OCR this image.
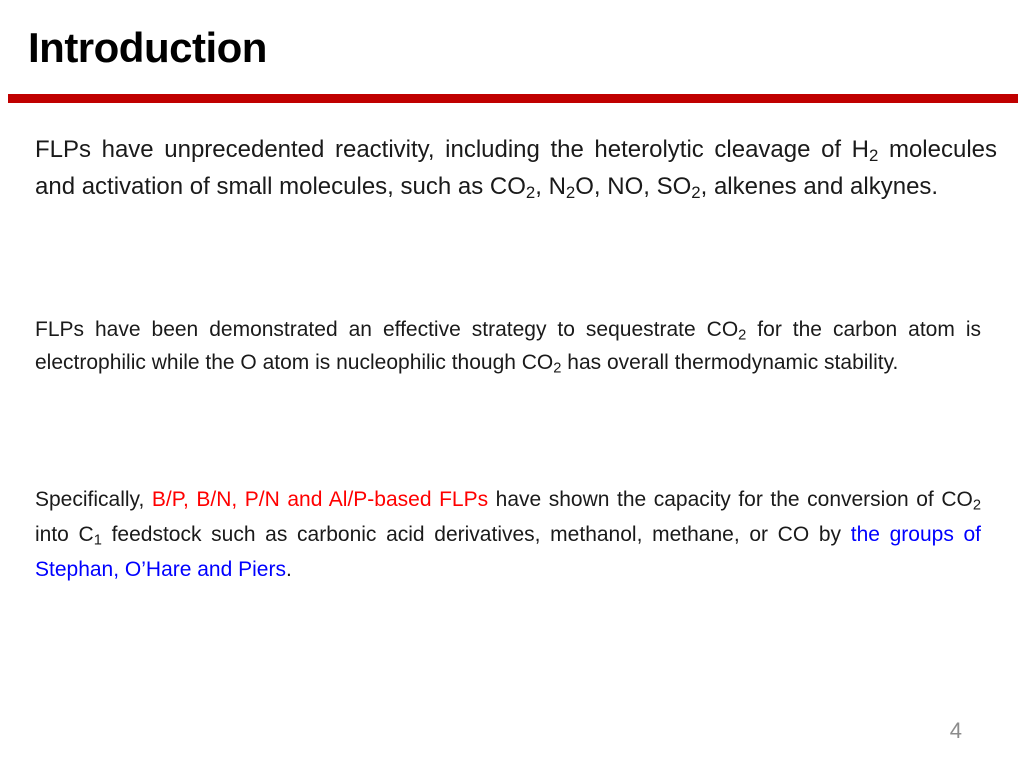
Introduction

FLPs have unprecedented reactivity, including the heterolytic cleavage of $H_2$ molecules and activation of small molecules, such as $CO_2$, $N_2O$, NO, $SO_2$, alkenes and alkynes.

FLPs have been demonstrated an effective strategy to sequestrate $CO_2$ for the carbon atom is electrophilic while the O atom is nucleophilic though $CO_2$ has overall thermodynamic stability.

Specifically, B/P, B/N, P/N and Al/P-based FLPs have shown the capacity for the conversion of $CO_2$ into $C_1$ feedstock such as carbonic acid derivatives, methanol, methane, or CO by the groups of Stephan, O’Hare and Piers.

4
